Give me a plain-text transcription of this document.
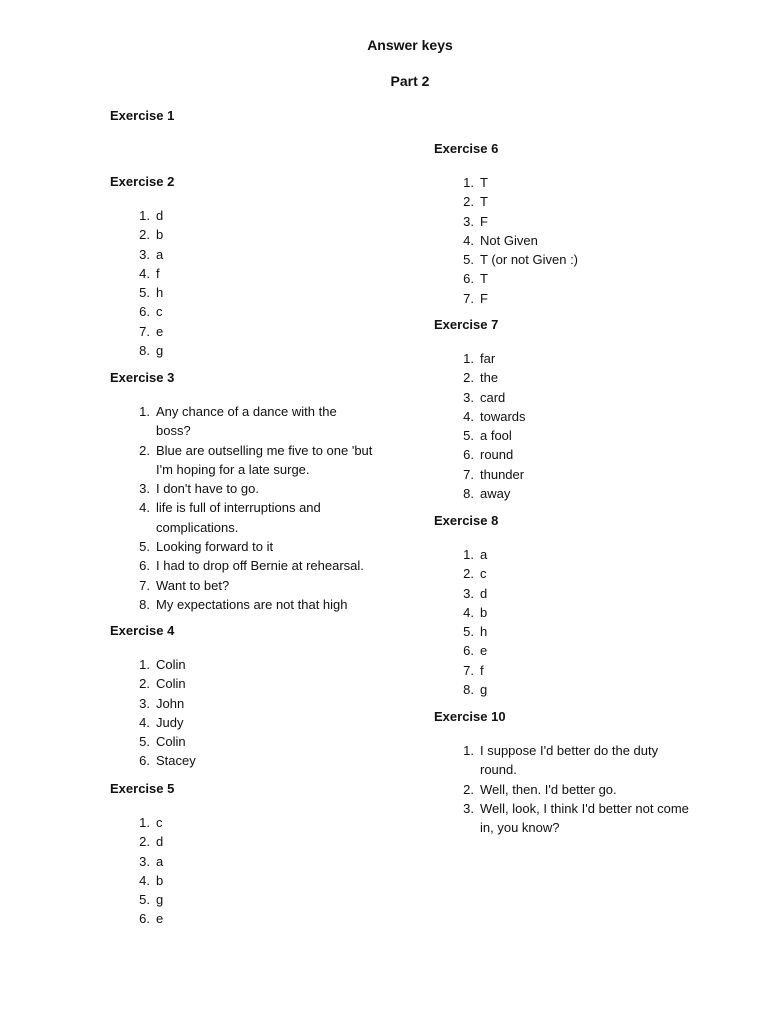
Answer keys
Part 2
Exercise 1
Exercise 2
1. d
2. b
3. a
4. f
5. h
6. c
7. e
8. g
Exercise 3
1. Any chance of a dance with the boss?
2. Blue are outselling me five to one 'but I'm hoping for a late surge.
3. I don't have to go.
4. life is full of interruptions and complications.
5. Looking forward to it
6. I had to drop off Bernie at rehearsal.
7. Want to bet?
8. My expectations are not that high
Exercise 4
1. Colin
2. Colin
3. John
4. Judy
5. Colin
6. Stacey
Exercise 5
1. c
2. d
3. a
4. b
5. g
6. e
Exercise 6
1. T
2. T
3. F
4. Not Given
5. T (or not Given :)
6. T
7. F
Exercise 7
1. far
2. the
3. card
4. towards
5. a fool
6. round
7. thunder
8. away
Exercise 8
1. a
2. c
3. d
4. b
5. h
6. e
7. f
8. g
Exercise 10
1. I suppose I'd better do the duty round.
2. Well, then. I'd better go.
3. Well, look, I think I'd better not come in, you know?
